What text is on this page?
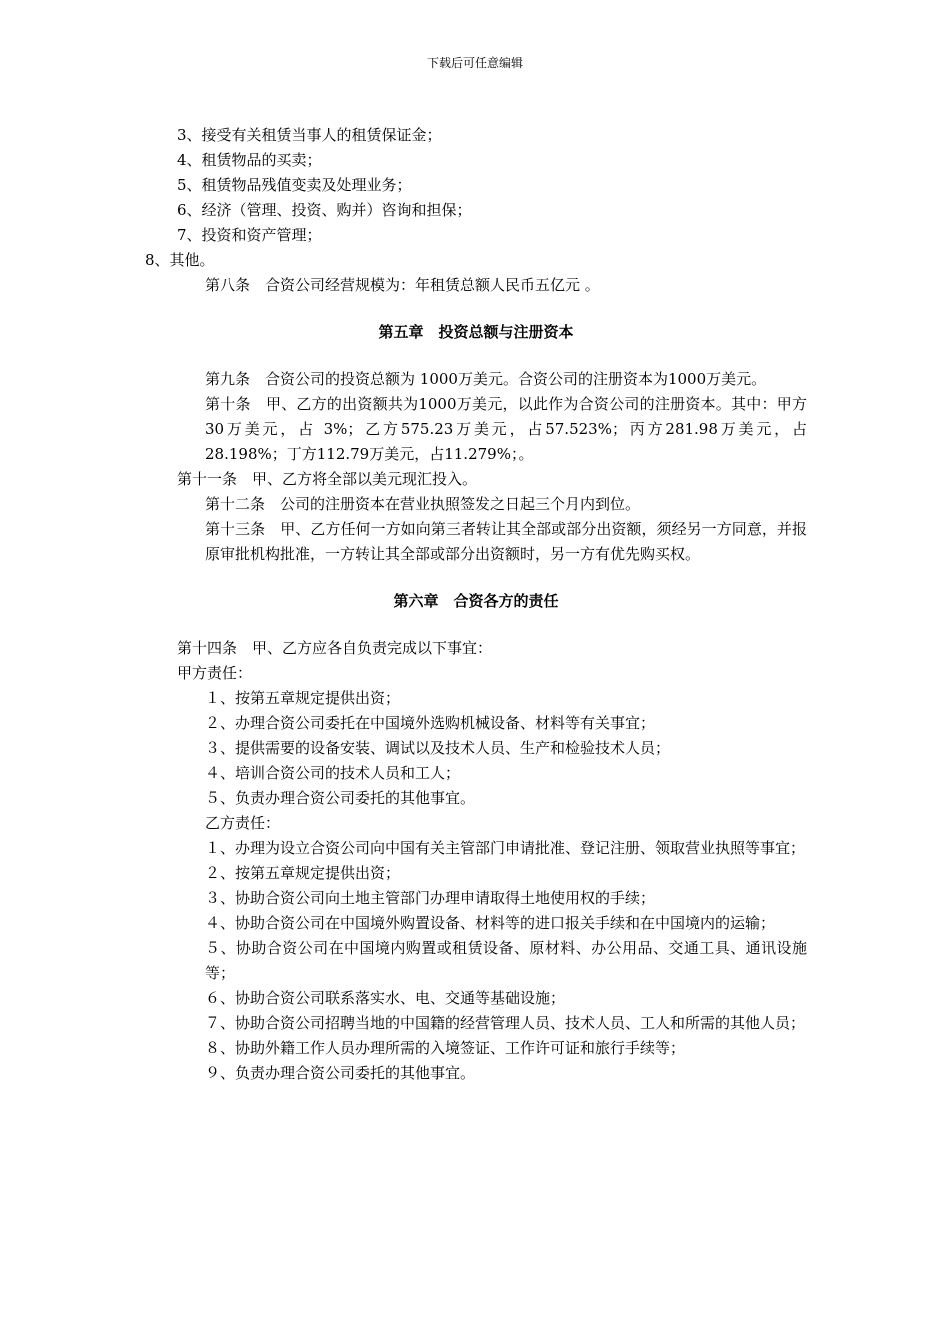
下载后可任意编辑

3、接受有关租赁当事人的租赁保证金；

4、租赁物品的买卖；

5、租赁物品残值变卖及处理业务；

6、经济（管理、投资、购并）咨询和担保；

7、投资和资产管理；

8、其他。

第八条　合资公司经营规模为：年租赁总额人民币五亿元 。

第五章　投资总额与注册资本

第九条　合资公司的投资总额为 1000万美元。合资公司的注册资本为1000万美元。

第十条　甲、乙方的出资额共为1000万美元，以此作为合资公司的注册资本。其中：甲方30万美元，占 3%；乙方575.23万美元，占57.523%；丙方281.98万美元，占28.198%；丁方112.79万美元，占11.279%；。

第十一条　甲、乙方将全部以美元现汇投入。

第十二条　公司的注册资本在营业执照签发之日起三个月内到位。

第十三条　甲、乙方任何一方如向第三者转让其全部或部分出资额，须经另一方同意，并报原审批机构批准，一方转让其全部或部分出资额时，另一方有优先购买权。

第六章　合资各方的责任

第十四条　甲、乙方应各自负责完成以下事宜：

甲方责任：

１、按第五章规定提供出资；

２、办理合资公司委托在中国境外选购机械设备、材料等有关事宜；

３、提供需要的设备安装、调试以及技术人员、生产和检验技术人员；

４、培训合资公司的技术人员和工人；

５、负责办理合资公司委托的其他事宜。

乙方责任：

１、办理为设立合资公司向中国有关主管部门申请批准、登记注册、领取营业执照等事宜；

２、按第五章规定提供出资；

３、协助合资公司向土地主管部门办理申请取得土地使用权的手续；

４、协助合资公司在中国境外购置设备、材料等的进口报关手续和在中国境内的运输；

５、协助合资公司在中国境内购置或租赁设备、原材料、办公用品、交通工具、通讯设施等；

６、协助合资公司联系落实水、电、交通等基础设施；

７、协助合资公司招聘当地的中国籍的经营管理人员、技术人员、工人和所需的其他人员；

８、协助外籍工作人员办理所需的入境签证、工作许可证和旅行手续等；

９、负责办理合资公司委托的其他事宜。
